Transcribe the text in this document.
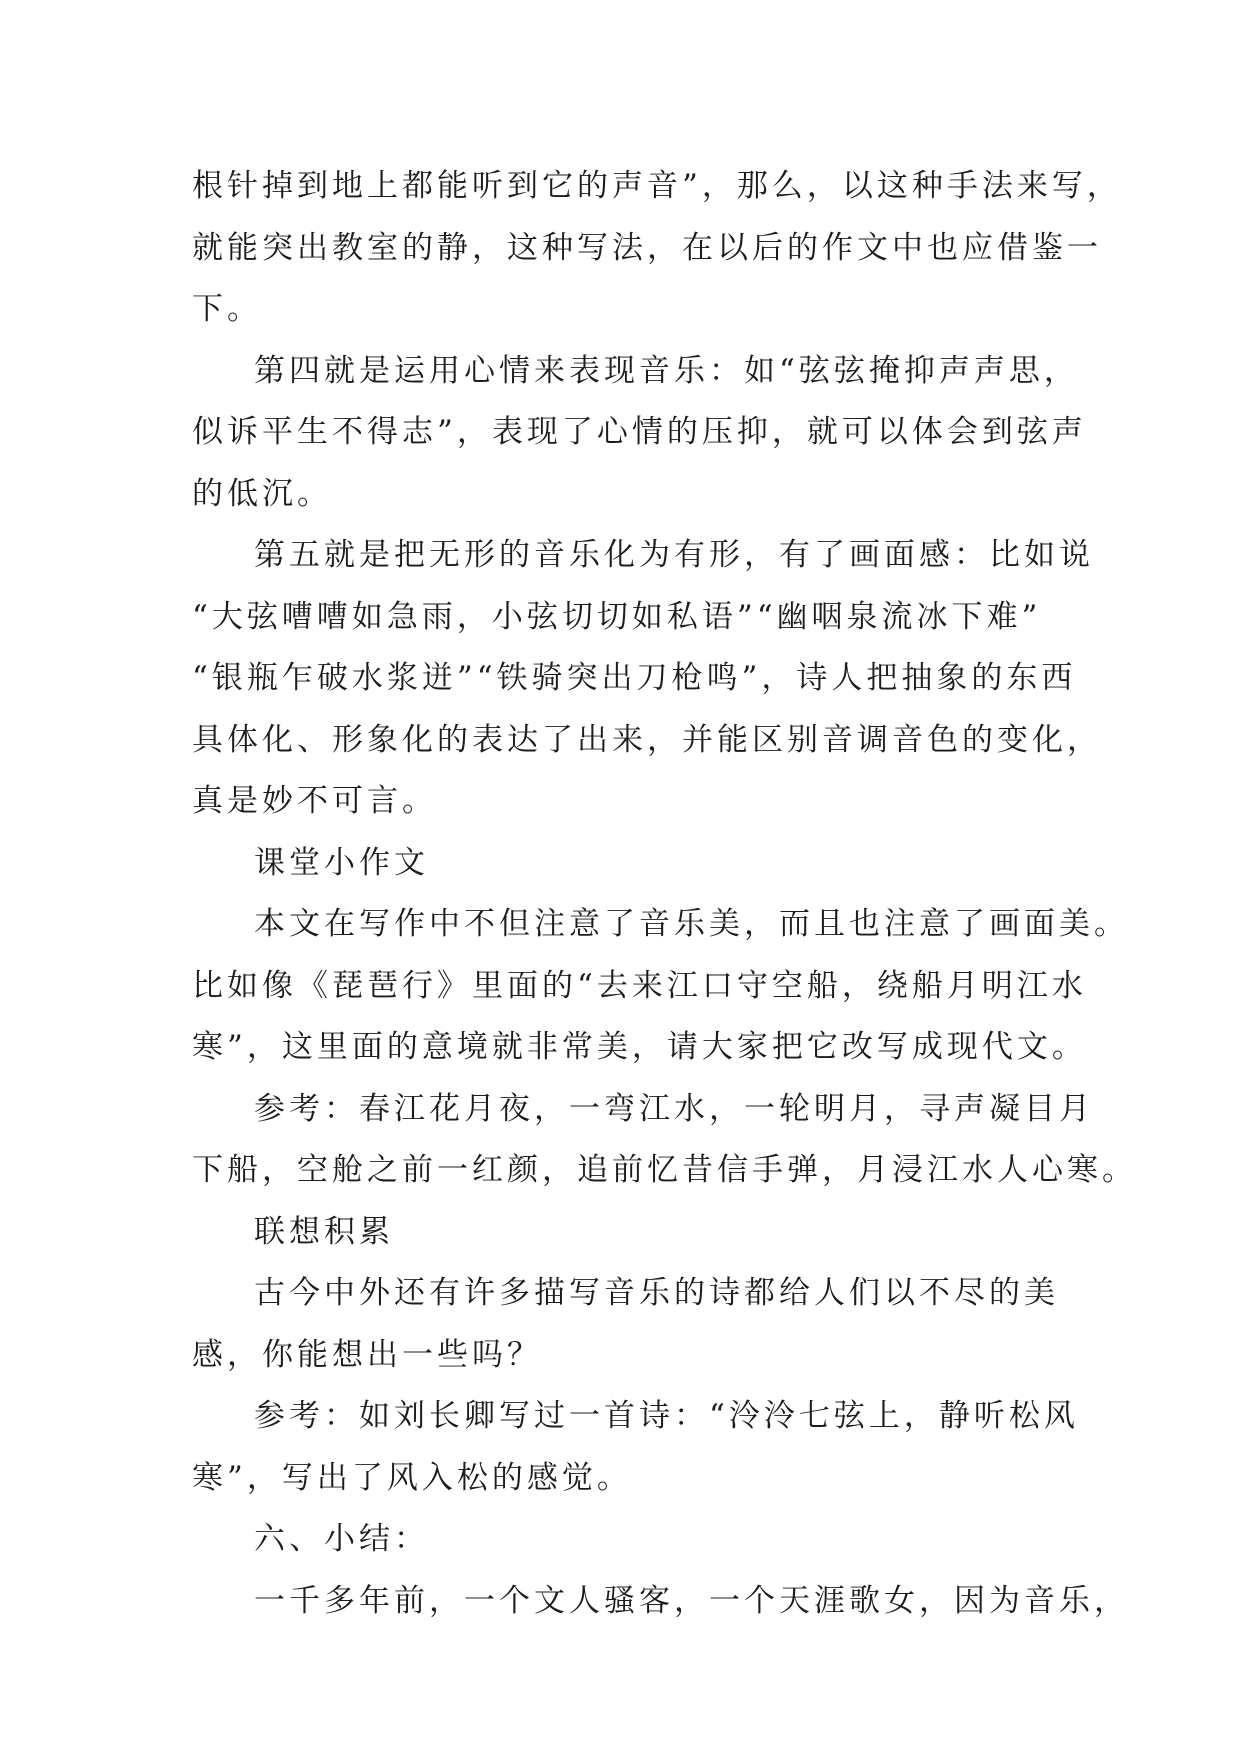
根针掉到地上都能听到它的声音”，那么，以这种手法来写，
就能突出教室的静，这种写法，在以后的作文中也应借鉴一
下。
第四就是运用心情来表现音乐：如“弦弦掩抑声声思，
似诉平生不得志”，表现了心情的压抑，就可以体会到弦声
的低沉。
第五就是把无形的音乐化为有形，有了画面感：比如说
“大弦嘈嘈如急雨，小弦切切如私语”“幽咽泉流冰下难”
“银瓶乍破水浆迸”“铁骑突出刀枪鸣”，诗人把抽象的东西
具体化、形象化的表达了出来，并能区别音调音色的变化，
真是妙不可言。
课堂小作文
本文在写作中不但注意了音乐美，而且也注意了画面美。
比如像《琵琶行》里面的“去来江口守空船，绕船月明江水
寒”，这里面的意境就非常美，请大家把它改写成现代文。
参考：春江花月夜，一弯江水，一轮明月，寻声凝目月
下船，空舱之前一红颜，追前忆昔信手弹，月浸江水人心寒。
联想积累
古今中外还有许多描写音乐的诗都给人们以不尽的美
感，你能想出一些吗？
参考：如刘长卿写过一首诗：“泠泠七弦上，静听松风
寒”，写出了风入松的感觉。
六、小结：
一千多年前，一个文人骚客，一个天涯歌女，因为音乐，
